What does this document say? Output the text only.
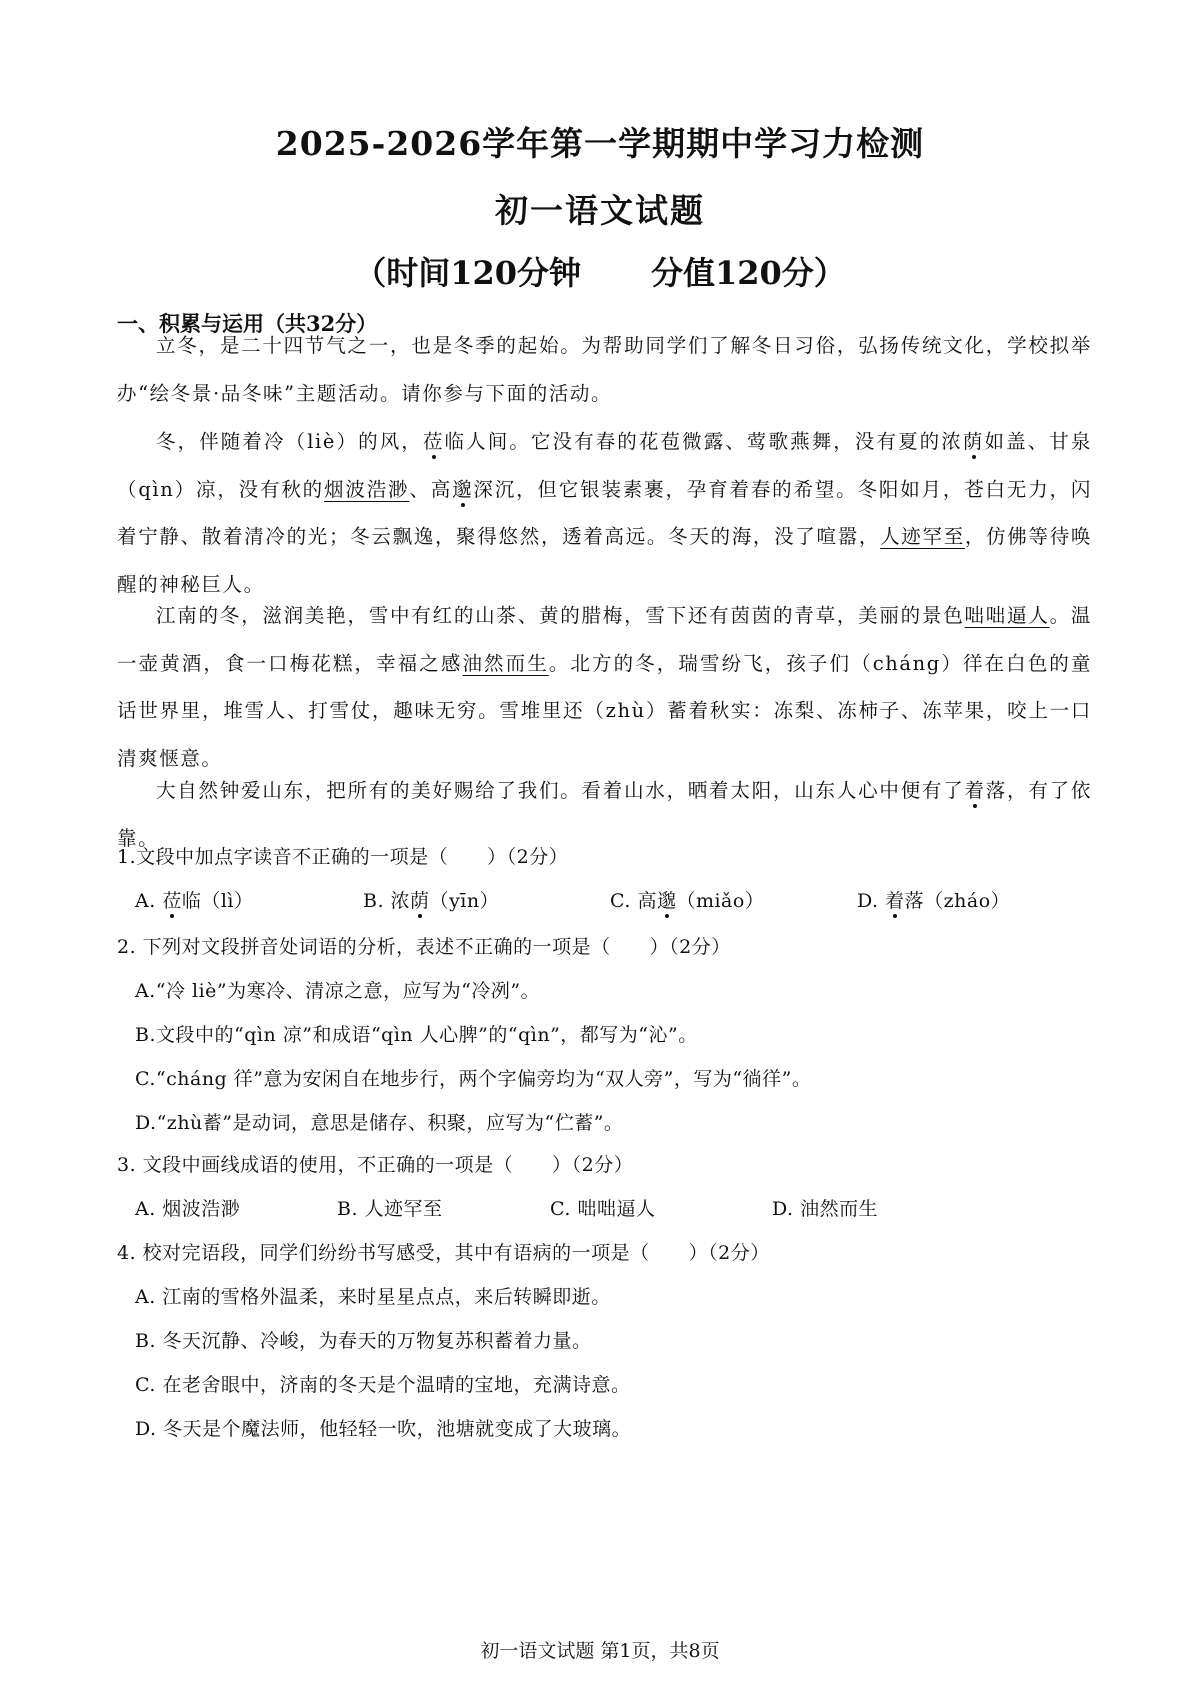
2025-2026学年第一学期期中学习力检测
初一语文试题
（时间120分钟 分值120分）
一、积累与运用（共32分）

立冬，是二十四节气之一，也是冬季的起始。为帮助同学们了解冬日习俗，弘扬传统文化，学校拟举办“绘冬景·品冬味”主题活动。请你参与下面的活动。

冬，伴随着冷（liè）的风，莅临人间。它没有春的花苞微露、莺歌燕舞，没有夏的浓荫如盖、甘泉（qìn）凉，没有秋的烟波浩渺、高邈深沉，但它银装素裹，孕育着春的希望。冬阳如月，苍白无力，闪着宁静、散着清冷的光；冬云飘逸，聚得悠然，透着高远。冬天的海，没了喧嚣，人迹罕至，仿佛等待唤醒的神秘巨人。

江南的冬，滋润美艳，雪中有红的山茶、黄的腊梅，雪下还有茵茵的青草，美丽的景色咄咄逼人。温一壶黄酒，食一口梅花糕，幸福之感油然而生。北方的冬，瑞雪纷飞，孩子们（cháng）徉在白色的童话世界里，堆雪人、打雪仗，趣味无穷。雪堆里还（zhù）蓄着秋实：冻梨、冻柿子、冻苹果，咬上一口清爽惬意。

大自然钟爱山东，把所有的美好赐给了我们。看着山水，晒着太阳，山东人心中便有了着落，有了依靠。

1.文段中加点字读音不正确的一项是（　　）（2分）
A. 莅临（lì）	B. 浓荫（yīn）	C. 高邈（miǎo）	D. 着落（zháo）
2. 下列对文段拼音处词语的分析，表述不正确的一项是（　　）（2分）
A.“冷 liè”为寒冷、清凉之意，应写为“冷冽”。
B.文段中的“qìn 凉”和成语“qìn 人心脾”的“qìn”，都写为“沁”。
C.“cháng 徉”意为安闲自在地步行，两个字偏旁均为“双人旁”，写为“徜徉”。
D.“zhù蓄”是动词，意思是储存、积聚，应写为“伫蓄”。
3. 文段中画线成语的使用，不正确的一项是（　　）（2分）
A. 烟波浩渺	B. 人迹罕至	C. 咄咄逼人	D. 油然而生
4. 校对完语段，同学们纷纷书写感受，其中有语病的一项是（　　）（2分）
A. 江南的雪格外温柔，来时星星点点，来后转瞬即逝。
B. 冬天沉静、冷峻，为春天的万物复苏积蓄着力量。
C. 在老舍眼中，济南的冬天是个温晴的宝地，充满诗意。
D. 冬天是个魔法师，他轻轻一吹，池塘就变成了大玻璃。
初一语文试题 第1页，共8页
